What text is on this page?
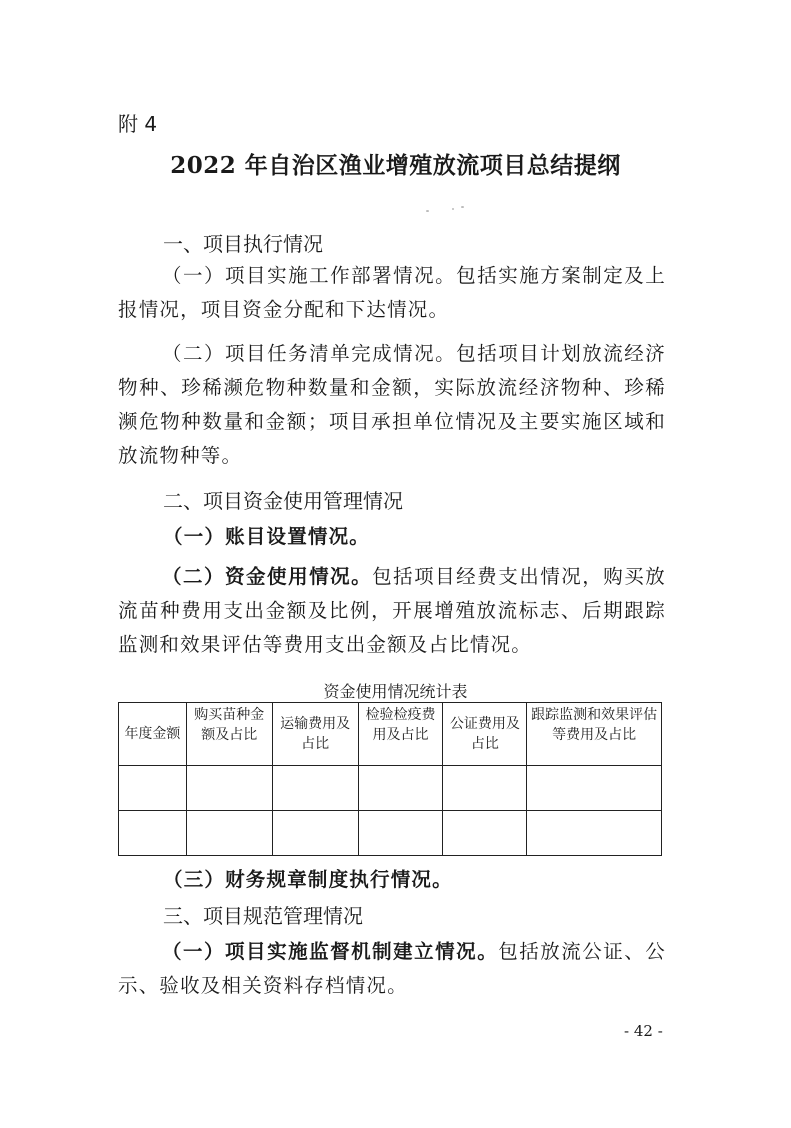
附 4
2022 年自治区渔业增殖放流项目总结提纲
一、项目执行情况
（一）项目实施工作部署情况。包括实施方案制定及上报情况，项目资金分配和下达情况。
（二）项目任务清单完成情况。包括项目计划放流经济物种、珍稀濒危物种数量和金额，实际放流经济物种、珍稀濒危物种数量和金额；项目承担单位情况及主要实施区域和放流物种等。
二、项目资金使用管理情况
（一）账目设置情况。
（二）资金使用情况。包括项目经费支出情况，购买放流苗种费用支出金额及比例，开展增殖放流标志、后期跟踪监测和效果评估等费用支出金额及占比情况。
资金使用情况统计表
年度金额	购买苗种金额及占比	运输费用及占比	检验检疫费用及占比	公证费用及占比	跟踪监测和效果评估等费用及占比

（三）财务规章制度执行情况。
三、项目规范管理情况
（一）项目实施监督机制建立情况。包括放流公证、公示、验收及相关资料存档情况。
- 42 -
